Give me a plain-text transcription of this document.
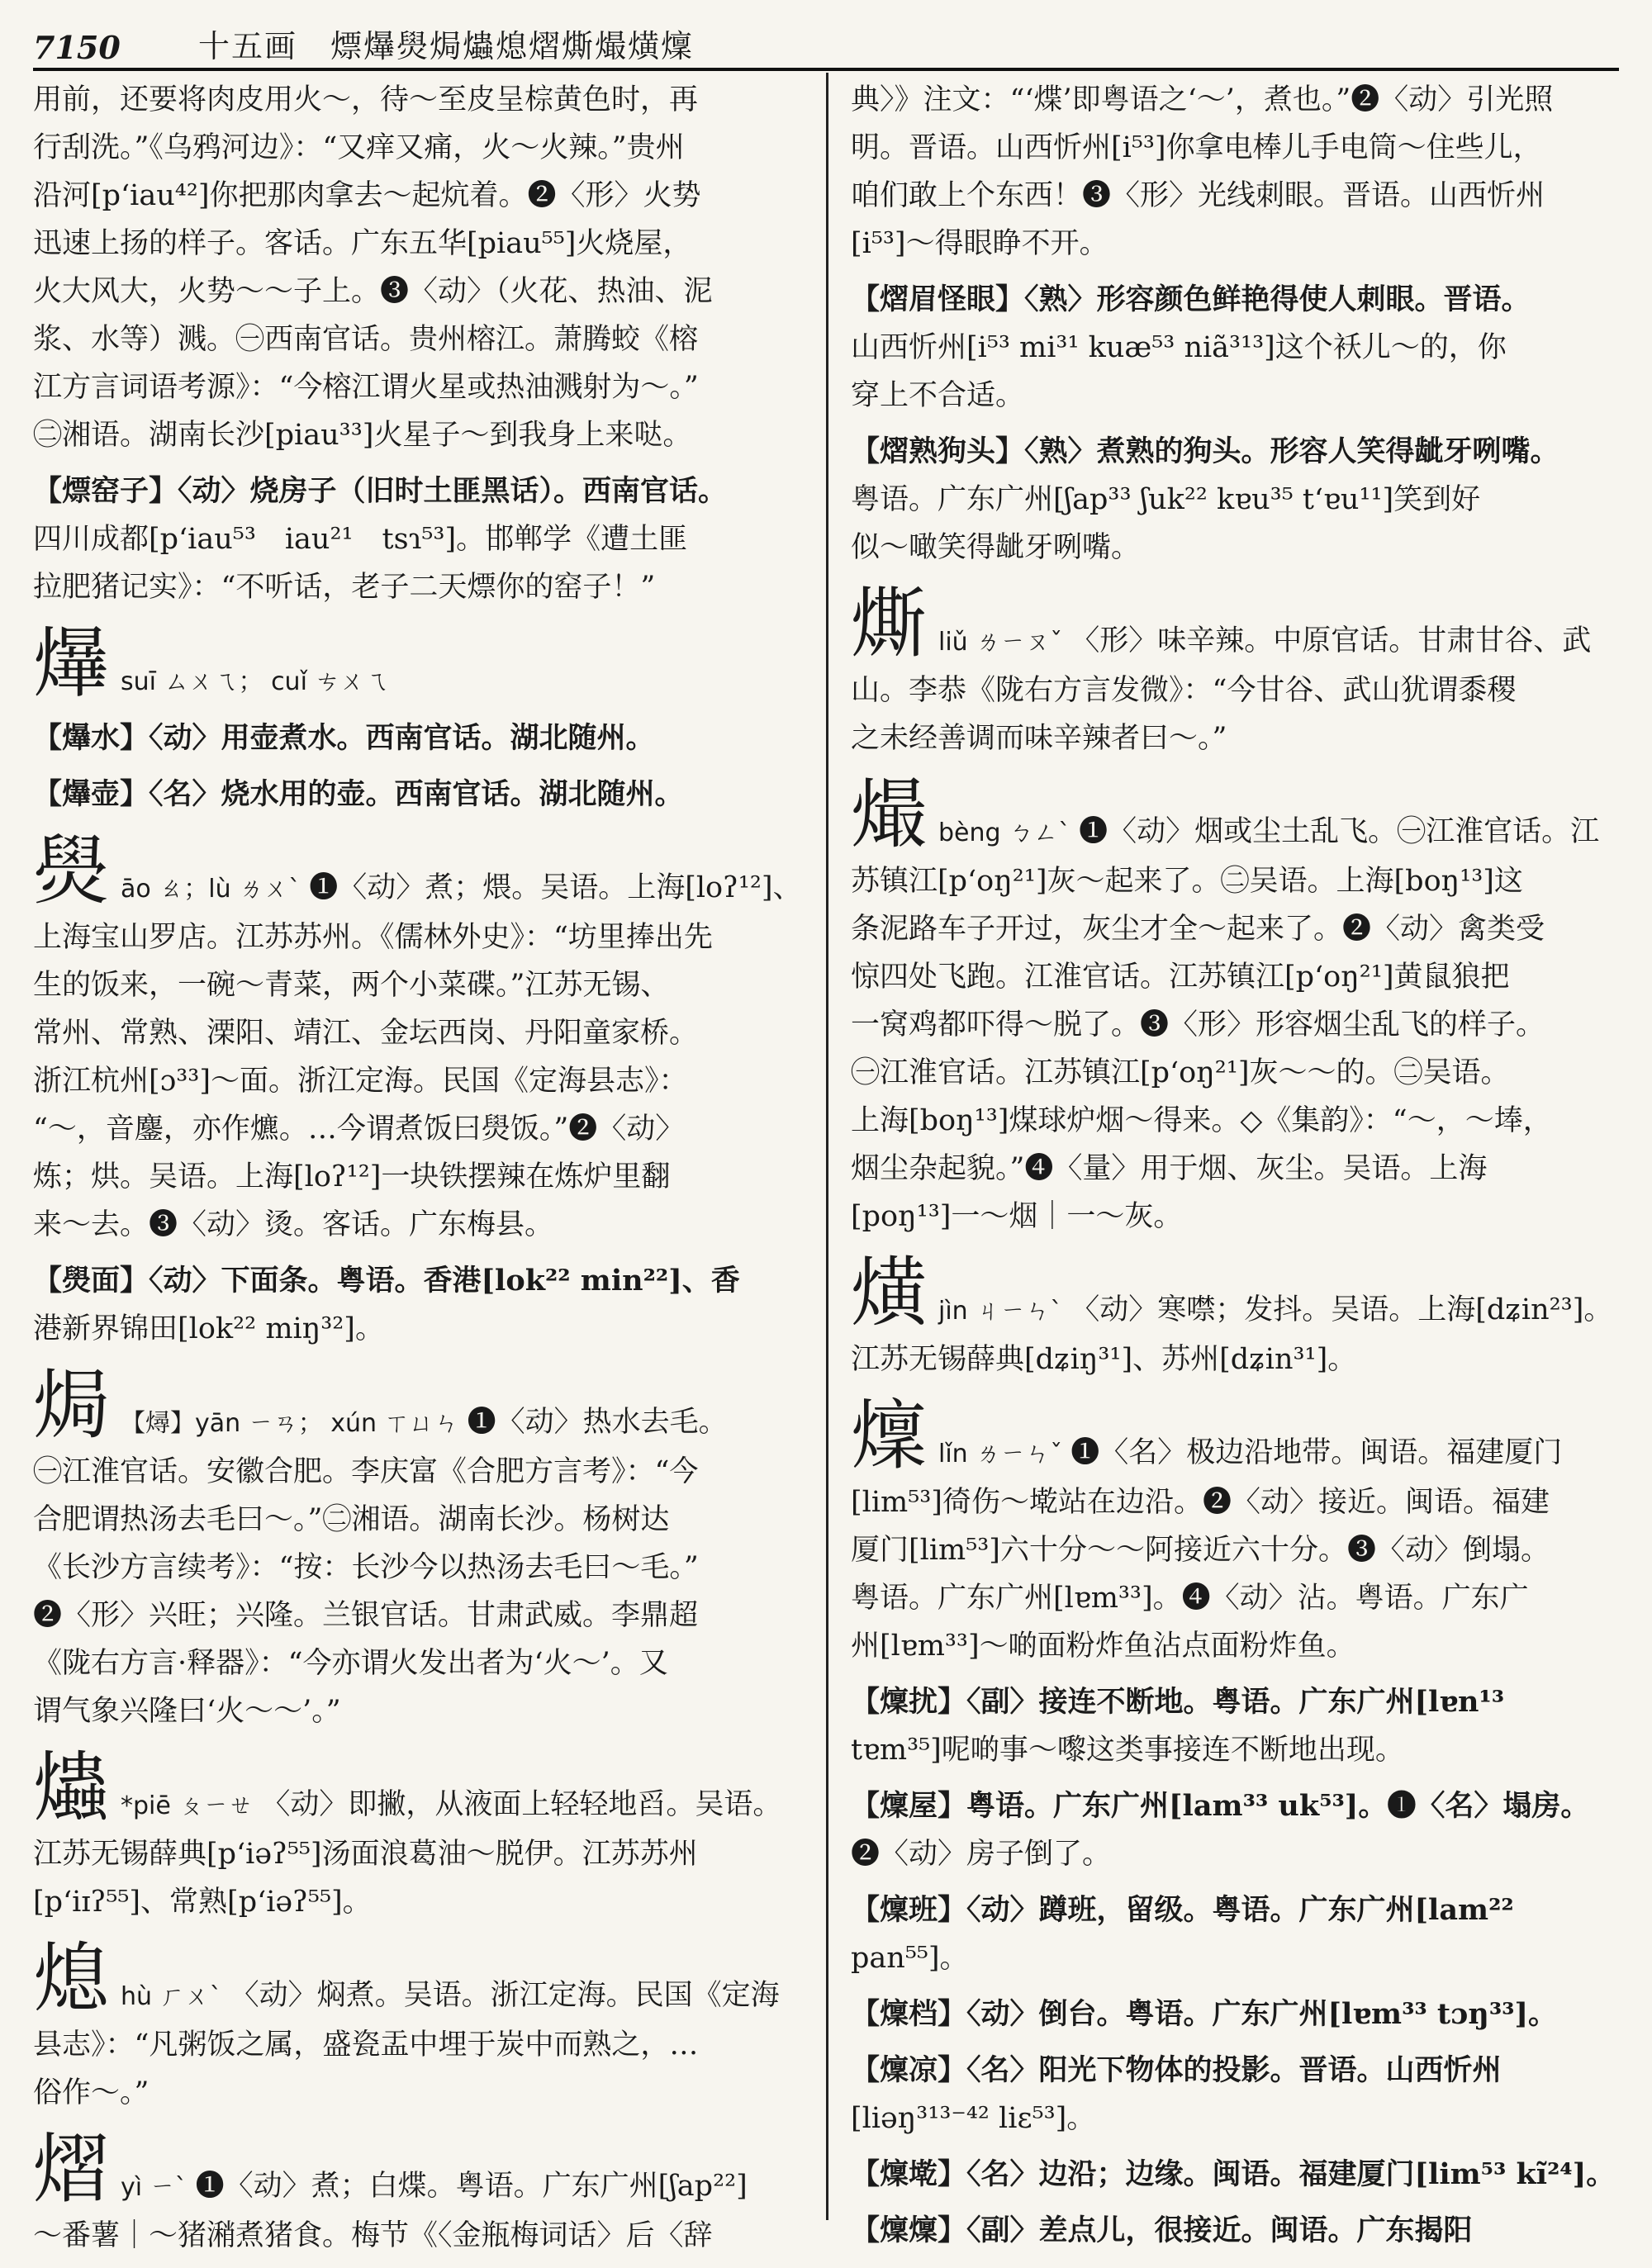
7150	十五画　熛爗燢焗爞熄熠燍熶熿燣
用前，还要将肉皮用火～，待～至皮呈棕黄色时，再
行刮洗。”《乌鸦河边》：“又痒又痛，火～火辣。”贵州
沿河[p‘iau⁴²]你把那肉拿去～起炕着。❷〈形〉火势
迅速上扬的样子。客话。广东五华[piau⁵⁵]火烧屋，
火大风大，火势～～子上。❸〈动〉（火花、热油、泥
浆、水等）溅。㊀西南官话。贵州榕江。萧腾蛟《榕
江方言词语考源》：“今榕江谓火星或热油溅射为～。”
㊁湘语。湖南长沙[piau³³]火星子～到我身上来哒。
【熛窑子】〈动〉烧房子（旧时土匪黑话）。西南官话。
四川成都[p‘iau⁵³　iau²¹　tsɿ⁵³]。邯郸学《遭土匪
拉肥猪记实》：“不听话，老子二天熛你的窑子！”
爗 suī ㄙㄨㄟ； cuǐ ㄘㄨㄟ
【爗水】〈动〉用壶煮水。西南官话。湖北随州。
【爗壶】〈名〉烧水用的壶。西南官话。湖北随州。
燢 āo ㄠ；lù ㄌㄨˋ ❶〈动〉煮；煨。吴语。上海[loʔ¹²]、
上海宝山罗店。江苏苏州。《儒林外史》：“坊里捧出先
生的饭来，一碗～青菜，两个小菜碟。”江苏无锡、
常州、常熟、溧阳、靖江、金坛西岗、丹阳童家桥。
浙江杭州[ɔ³³]～面。浙江定海。民国《定海县志》：
“～，音鏖，亦作爊。…今谓煮饭曰燢饭。”❷〈动〉
炼；烘。吴语。上海[loʔ¹²]一块铁摆辣在炼炉里翻
来～去。❸〈动〉烫。客话。广东梅县。
【燢面】〈动〉下面条。粤语。香港[lok²² min²²]、香
港新界锦田[lok²² miŋ³²]。
焗 【燖】yān ㄧㄢ； xún ㄒㄩㄣ ❶〈动〉热水去毛。
㊀江淮官话。安徽合肥。李庆富《合肥方言考》：“今
合肥谓热汤去毛曰～。”㊁湘语。湖南长沙。杨树达
《长沙方言续考》：“按：长沙今以热汤去毛曰～毛。”
❷〈形〉兴旺；兴隆。兰银官话。甘肃武威。李鼎超
《陇右方言·释器》：“今亦谓火发出者为‘火～’。又
谓气象兴隆曰‘火～～’。”
爞 *piē ㄆㄧㄝ 〈动〉即撇，从液面上轻轻地舀。吴语。
江苏无锡薛典[p‘iəʔ⁵⁵]汤面浪葛油～脱伊。江苏苏州
[p‘iɪʔ⁵⁵]、常熟[p‘iəʔ⁵⁵]。
熄 hù ㄏㄨˋ 〈动〉焖煮。吴语。浙江定海。民国《定海
县志》：“凡粥饭之属，盛瓷盂中埋于炭中而熟之，…
俗作～。”
熠 yì ㄧˋ ❶〈动〉煮；白煠。粤语。广东广州[ʃap²²]
～番薯｜～猪潲煮猪食。梅节《〈金瓶梅词话〉后〈辞
典〉》注文：“‘煠’即粤语之‘～’，煮也。”❷〈动〉引光照
明。晋语。山西忻州[i⁵³]你拿电棒儿手电筒～住些儿，
咱们敢上个东西！❸〈形〉光线刺眼。晋语。山西忻州
[i⁵³]～得眼睁不开。
【熠眉怪眼】〈熟〉形容颜色鲜艳得使人刺眼。晋语。
山西忻州[i⁵³ mi³¹ kuæ⁵³ niã³¹³]这个袄儿～的，你
穿上不合适。
【熠熟狗头】〈熟〉煮熟的狗头。形容人笑得龇牙咧嘴。
粤语。广东广州[ʃap³³ ʃuk²² kɐu³⁵ t‘ɐu¹¹]笑到好
似～噉笑得龇牙咧嘴。
燍 liǔ ㄌㄧㄡˇ 〈形〉味辛辣。中原官话。甘肃甘谷、武
山。李恭《陇右方言发微》：“今甘谷、武山犹谓黍稷
之未经善调而味辛辣者曰～。”
熶 bèng ㄅㄥˋ ❶〈动〉烟或尘土乱飞。㊀江淮官话。江
苏镇江[p‘oŋ²¹]灰～起来了。㊁吴语。上海[boŋ¹³]这
条泥路车子开过，灰尘才全～起来了。❷〈动〉禽类受
惊四处飞跑。江淮官话。江苏镇江[p‘oŋ²¹]黄鼠狼把
一窝鸡都吓得～脱了。❸〈形〉形容烟尘乱飞的样子。
㊀江淮官话。江苏镇江[p‘oŋ²¹]灰～～的。㊁吴语。
上海[boŋ¹³]煤球炉烟～得来。◇《集韵》：“～，～埲，
烟尘杂起貌。”❹〈量〉用于烟、灰尘。吴语。上海
[poŋ¹³]一～烟｜一～灰。
熿 jìn ㄐㄧㄣˋ 〈动〉寒噤；发抖。吴语。上海[dʑin²³]。
江苏无锡薛典[dʑiŋ³¹]、苏州[dʑin³¹]。
燣 lǐn ㄌㄧㄣˇ ❶〈名〉极边沿地带。闽语。福建厦门
[lim⁵³]徛伤～墘站在边沿。❷〈动〉接近。闽语。福建
厦门[lim⁵³]六十分～～阿接近六十分。❸〈动〉倒塌。
粤语。广东广州[lɐm³³]。❹〈动〉沾。粤语。广东广
州[lɐm³³]～啲面粉炸鱼沾点面粉炸鱼。
【燣扰】〈副〉接连不断地。粤语。广东广州[lɐn¹³
tɐm³⁵]呢啲事～嚟这类事接连不断地出现。
【燣屋】粤语。广东广州[lam³³ uk⁵³]。❶〈名〉塌房。
❷〈动〉房子倒了。
【燣班】〈动〉蹲班，留级。粤语。广东广州[lam²²
pan⁵⁵]。
【燣档】〈动〉倒台。粤语。广东广州[lɐm³³ tɔŋ³³]。
【燣凉】〈名〉阳光下物体的投影。晋语。山西忻州
[liəŋ³¹³⁻⁴² liɛ⁵³]。
【燣墘】〈名〉边沿；边缘。闽语。福建厦门[lim⁵³ kĩ²⁴]。
【燣燣】〈副〉差点儿，很接近。闽语。广东揭阳
